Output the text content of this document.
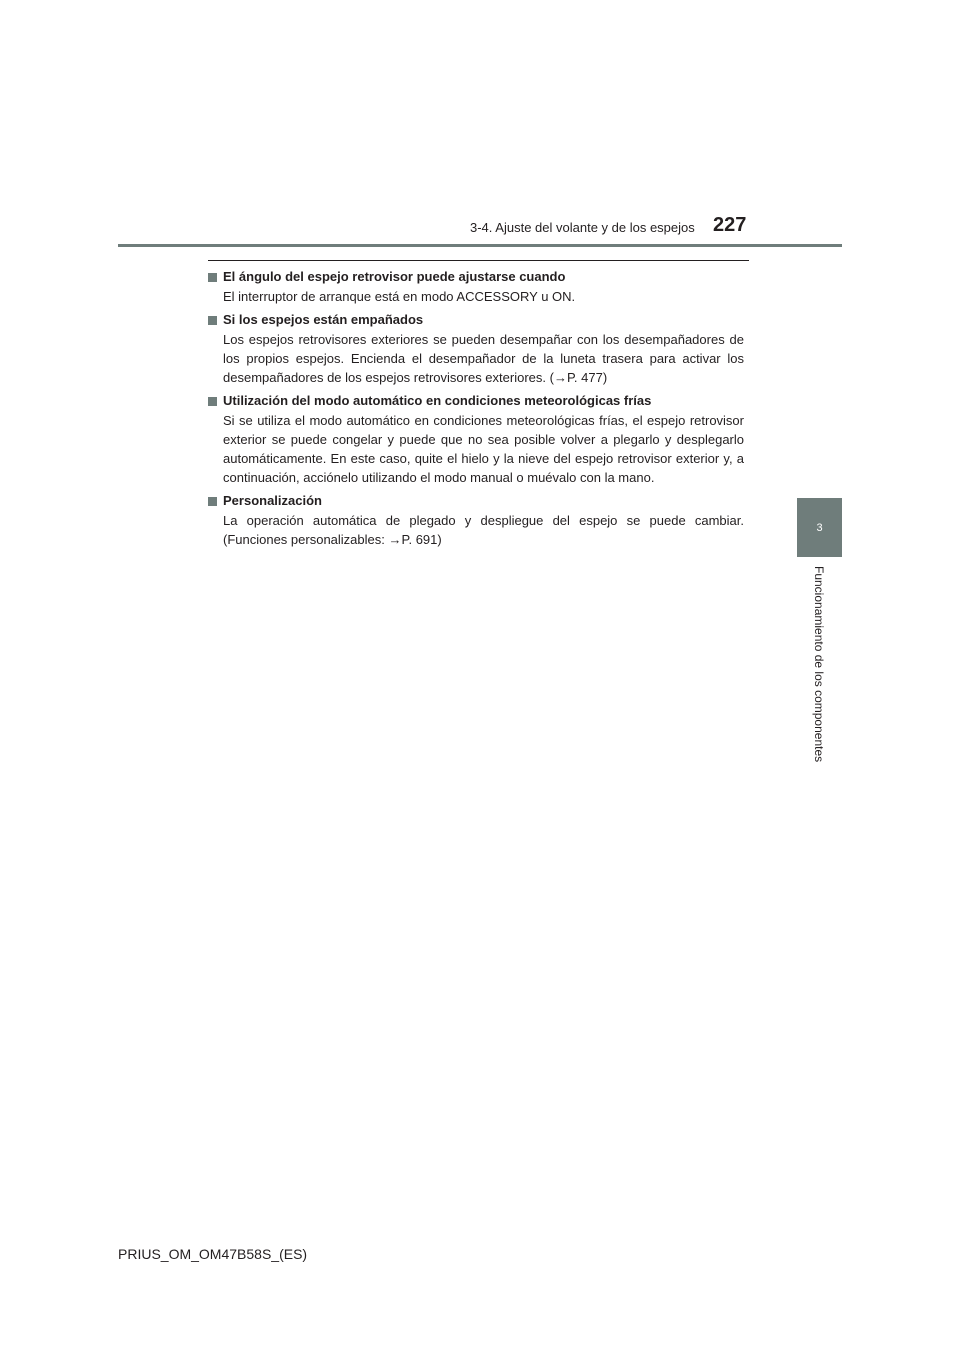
3-4. Ajuste del volante y de los espejos 227
3
Funcionamiento de los componentes
El ángulo del espejo retrovisor puede ajustarse cuando
El interruptor de arranque está en modo ACCESSORY u ON.
Si los espejos están empañados
Los espejos retrovisores exteriores se pueden desempañar con los desempañadores de los propios espejos. Encienda el desempañador de la luneta trasera para activar los desempañadores de los espejos retrovisores exteriores. (→P. 477)
Utilización del modo automático en condiciones meteorológicas frías
Si se utiliza el modo automático en condiciones meteorológicas frías, el espejo retrovisor exterior se puede congelar y puede que no sea posible volver a plegarlo y desplegarlo automáticamente. En este caso, quite el hielo y la nieve del espejo retrovisor exterior y, a continuación, acciónelo utilizando el modo manual o muévalo con la mano.
Personalización
La operación automática de plegado y despliegue del espejo se puede cambiar. (Funciones personalizables: →P. 691)
PRIUS_OM_OM47B58S_(ES)
